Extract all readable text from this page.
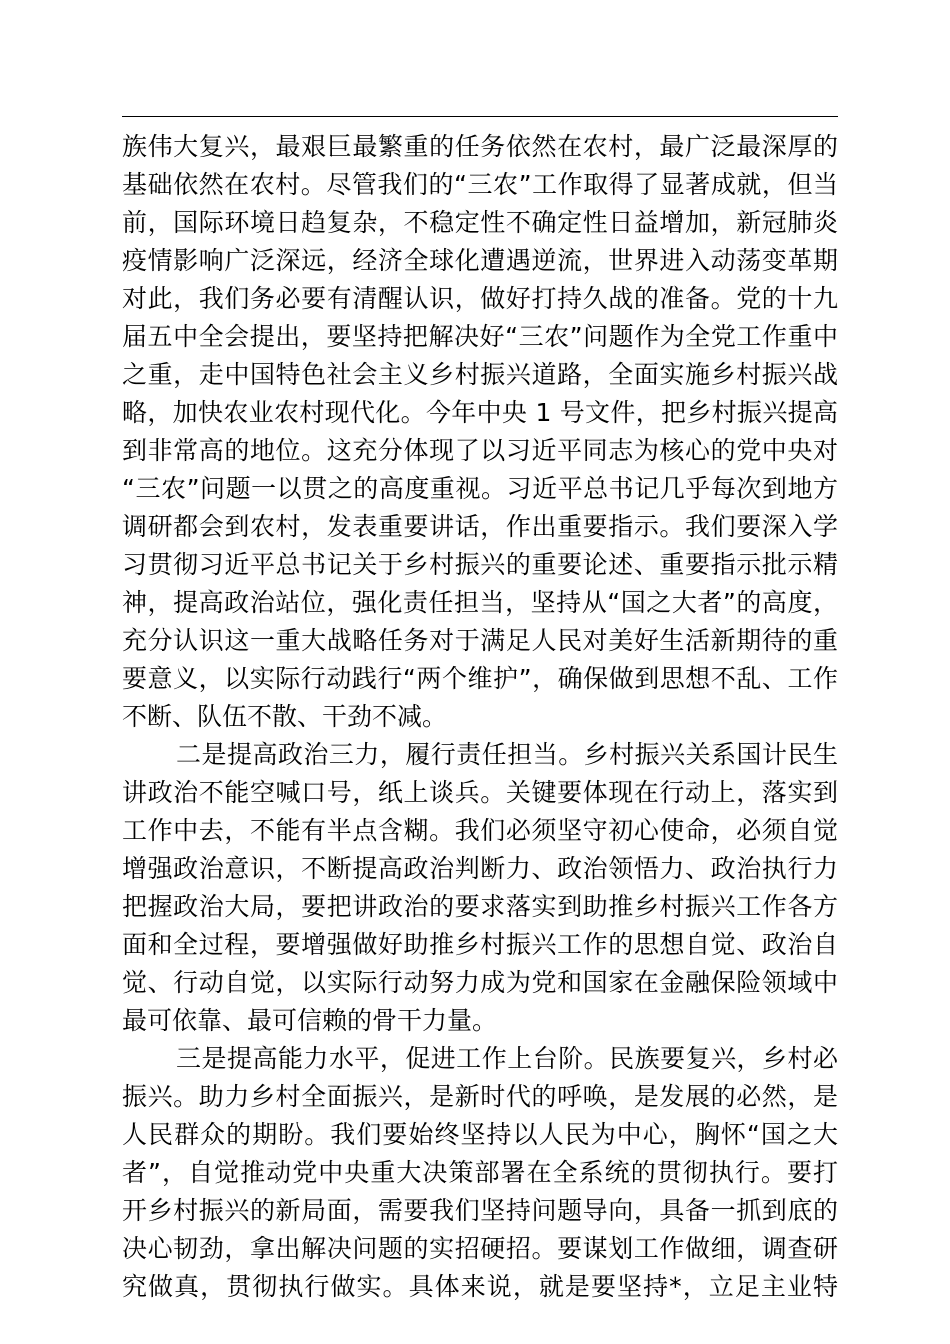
族伟大复兴，最艰巨最繁重的任务依然在农村，最广泛最深厚的
基础依然在农村。尽管我们的“三农”工作取得了显著成就，但当
前，国际环境日趋复杂，不稳定性不确定性日益增加，新冠肺炎
疫情影响广泛深远，经济全球化遭遇逆流，世界进入动荡变革期
对此，我们务必要有清醒认识，做好打持久战的准备。党的十九
届五中全会提出，要坚持把解决好“三农”问题作为全党工作重中
之重，走中国特色社会主义乡村振兴道路，全面实施乡村振兴战
略，加快农业农村现代化。今年中央 1 号文件，把乡村振兴提高
到非常高的地位。这充分体现了以习近平同志为核心的党中央对
“三农”问题一以贯之的高度重视。习近平总书记几乎每次到地方
调研都会到农村，发表重要讲话，作出重要指示。我们要深入学
习贯彻习近平总书记关于乡村振兴的重要论述、重要指示批示精
神，提高政治站位，强化责任担当，坚持从“国之大者”的高度，
充分认识这一重大战略任务对于满足人民对美好生活新期待的重
要意义，以实际行动践行“两个维护”，确保做到思想不乱、工作
不断、队伍不散、干劲不减。
二是提高政治三力，履行责任担当。乡村振兴关系国计民生
讲政治不能空喊口号，纸上谈兵。关键要体现在行动上，落实到
工作中去，不能有半点含糊。我们必须坚守初心使命，必须自觉
增强政治意识，不断提高政治判断力、政治领悟力、政治执行力
把握政治大局，要把讲政治的要求落实到助推乡村振兴工作各方
面和全过程，要增强做好助推乡村振兴工作的思想自觉、政治自
觉、行动自觉，以实际行动努力成为党和国家在金融保险领域中
最可依靠、最可信赖的骨干力量。
三是提高能力水平，促进工作上台阶。民族要复兴，乡村必
振兴。助力乡村全面振兴，是新时代的呼唤，是发展的必然，是
人民群众的期盼。我们要始终坚持以人民为中心，胸怀“国之大
者”，自觉推动党中央重大决策部署在全系统的贯彻执行。要打
开乡村振兴的新局面，需要我们坚持问题导向，具备一抓到底的
决心韧劲，拿出解决问题的实招硬招。要谋划工作做细，调查研
究做真，贯彻执行做实。具体来说，就是要坚持*，立足主业特
